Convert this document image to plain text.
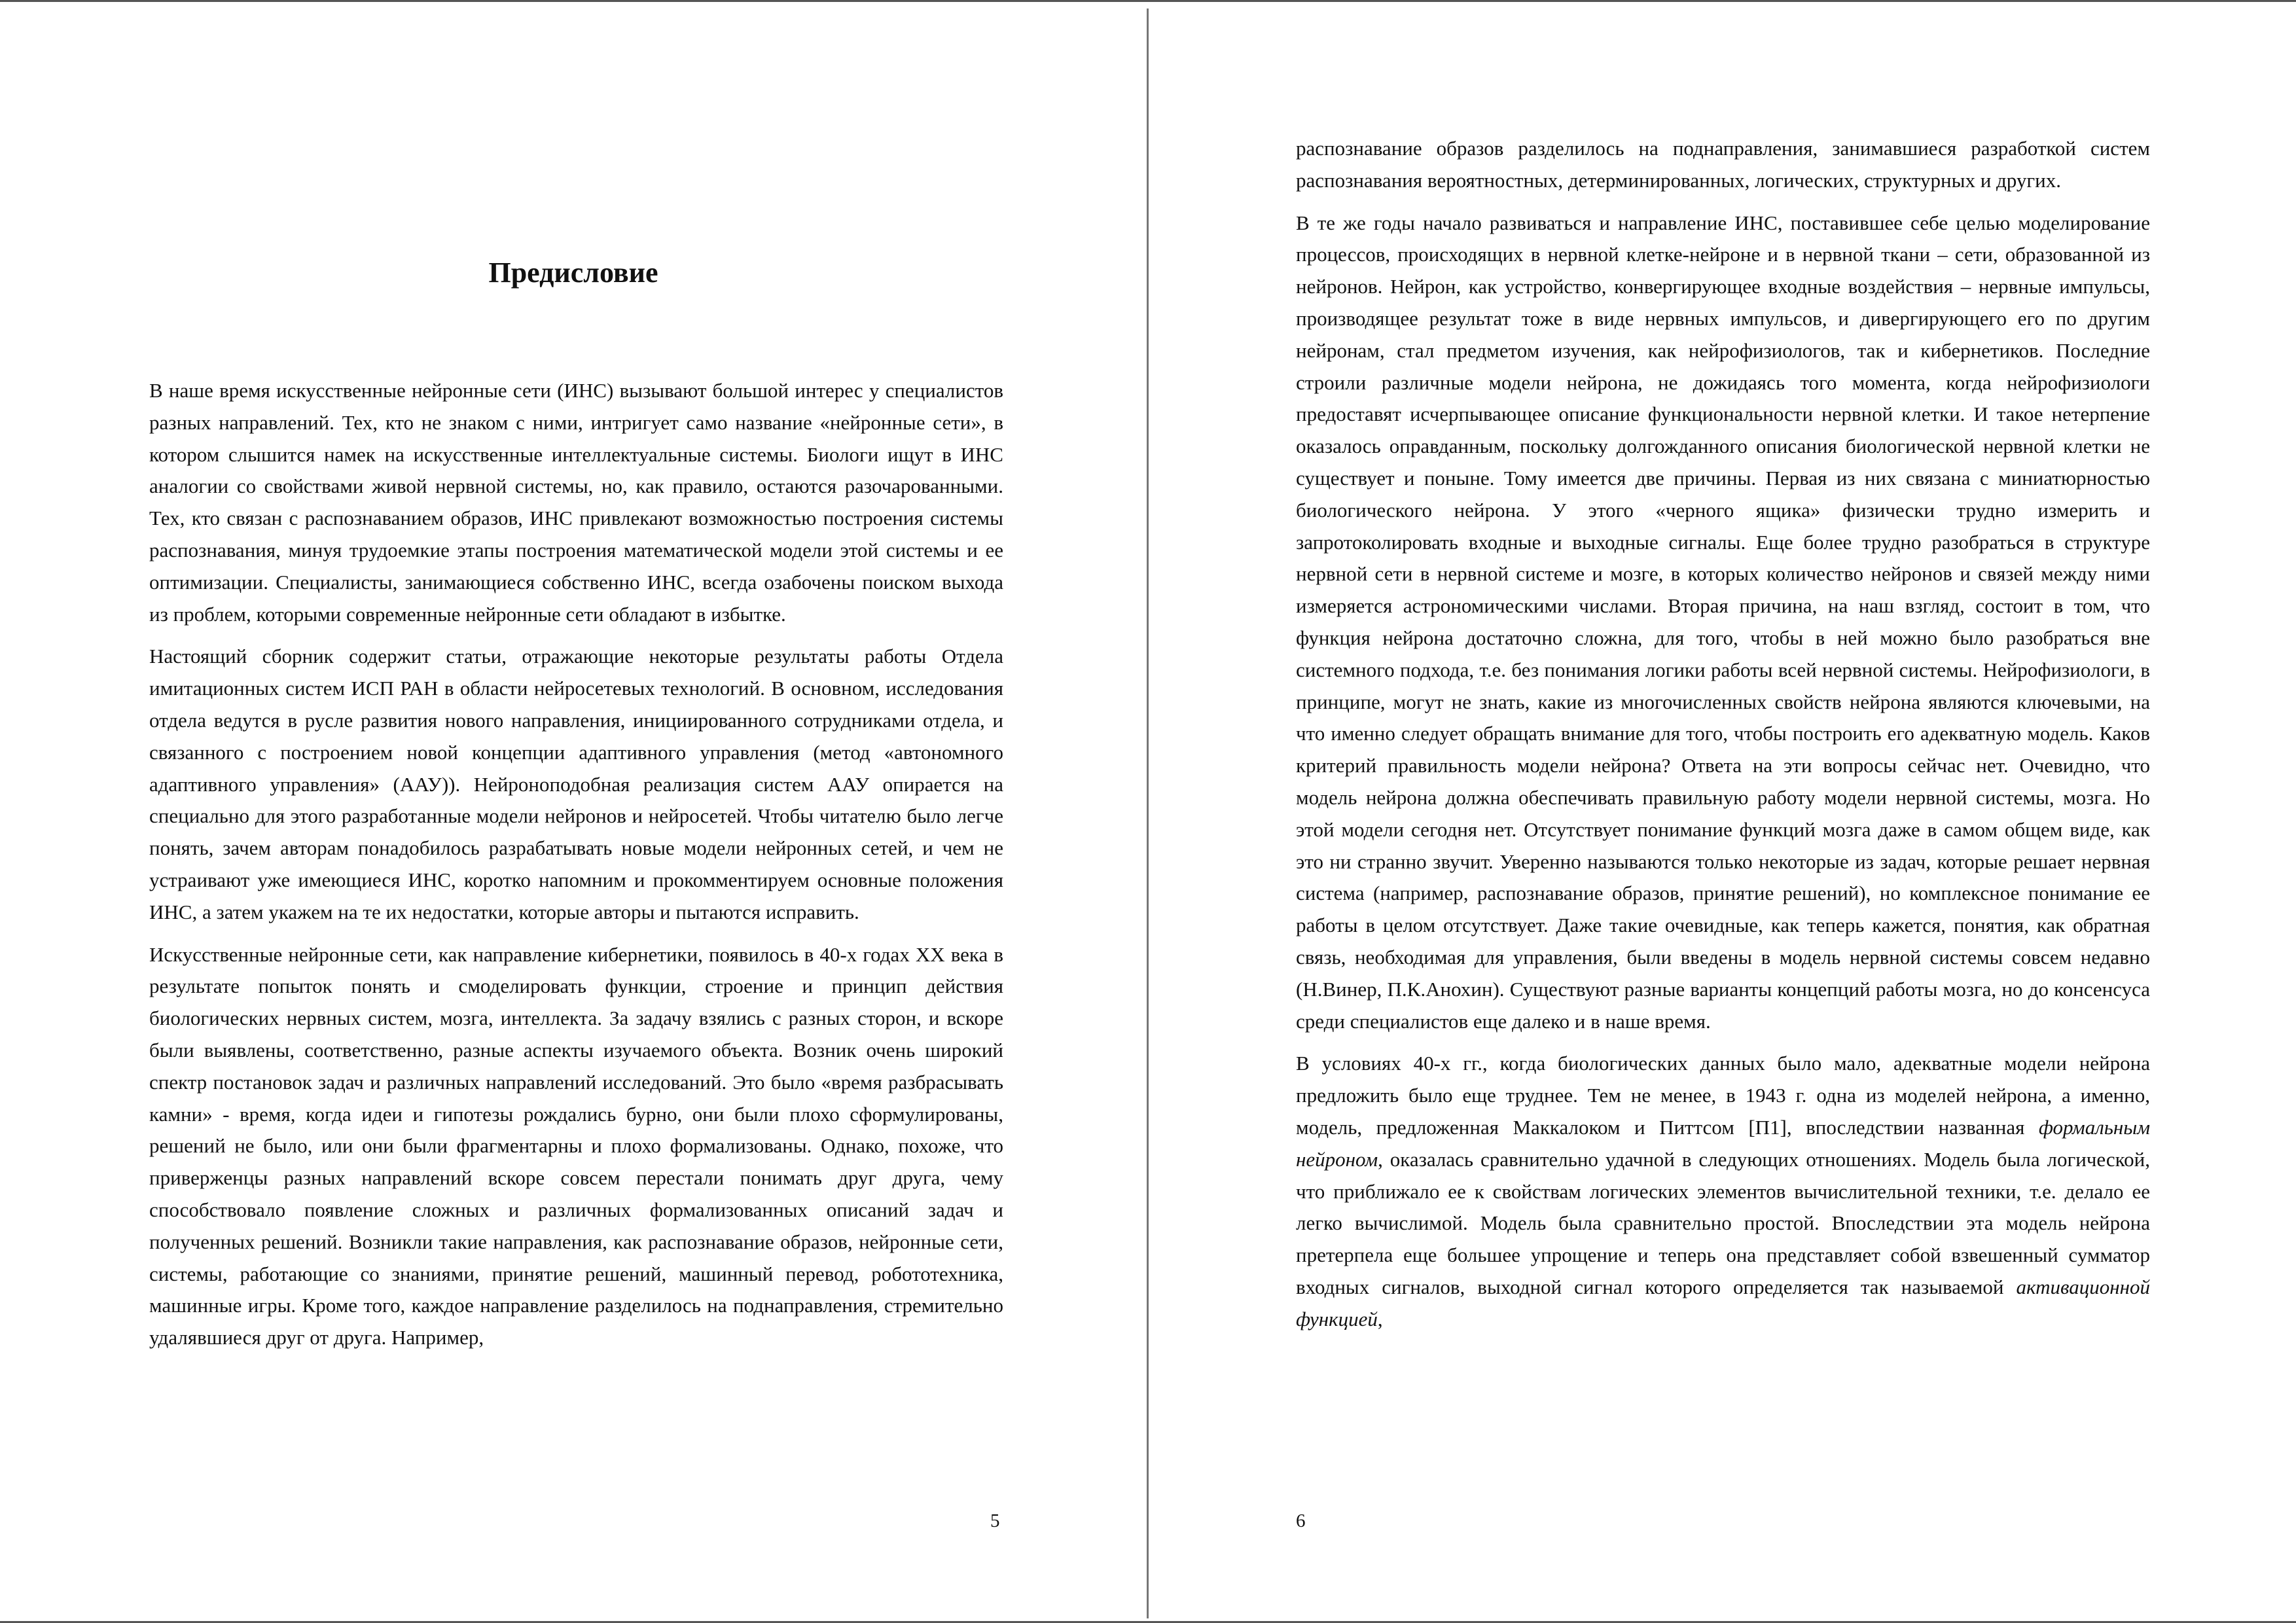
Предисловие

В наше время искусственные нейронные сети (ИНС) вызывают большой интерес у специалистов разных направлений. Тех, кто не знаком с ними, интригует само название «нейронные сети», в котором слышится намек на искусственные интеллектуальные системы. Биологи ищут в ИНС аналогии со свойствами живой нервной системы, но, как правило, остаются разочарованными. Тех, кто связан с распознаванием образов, ИНС привлекают возможностью построения системы распознавания, минуя трудоемкие этапы построения математической модели этой системы и ее оптимизации. Специалисты, занимающиеся собственно ИНС, всегда озабочены поиском выхода из проблем, которыми современные нейронные сети обладают в избытке.

Настоящий сборник содержит статьи, отражающие некоторые результаты работы Отдела имитационных систем ИСП РАН в области нейросетевых технологий. В основном, исследования отдела ведутся в русле развития нового направления, инициированного сотрудниками отдела, и связанного с построением новой концепции адаптивного управления (метод «автономного адаптивного управления» (ААУ)). Нейроноподобная реализация систем ААУ опирается на специально для этого разработанные модели нейронов и нейросетей. Чтобы читателю было легче понять, зачем авторам понадобилось разрабатывать новые модели нейронных сетей, и чем не устраивают уже имеющиеся ИНС, коротко напомним и прокомментируем основные положения ИНС, а затем укажем на те их недостатки, которые авторы и пытаются исправить.

Искусственные нейронные сети, как направление кибернетики, появилось в 40-х годах XX века в результате попыток понять и смоделировать функции, строение и принцип действия биологических нервных систем, мозга, интеллекта. За задачу взялись с разных сторон, и вскоре были выявлены, соответственно, разные аспекты изучаемого объекта. Возник очень широкий спектр постановок задач и различных направлений исследований. Это было «время разбрасывать камни» - время, когда идеи и гипотезы рождались бурно, они были плохо сформулированы, решений не было, или они были фрагментарны и плохо формализованы. Однако, похоже, что приверженцы разных направлений вскоре совсем перестали понимать друг друга, чему способствовало появление сложных и различных формализованных описаний задач и полученных решений. Возникли такие направления, как распознавание образов, нейронные сети, системы, работающие со знаниями, принятие решений, машинный перевод, робототехника, машинные игры. Кроме того, каждое направление разделилось на поднаправления, стремительно удалявшиеся друг от друга. Например,

5

распознавание образов разделилось на поднаправления, занимавшиеся разработкой систем распознавания вероятностных, детерминированных, логических, структурных и других.

В те же годы начало развиваться и направление ИНС, поставившее себе целью моделирование процессов, происходящих в нервной клетке-нейроне и в нервной ткани – сети, образованной из нейронов. Нейрон, как устройство, конвергирующее входные воздействия – нервные импульсы, производящее результат тоже в виде нервных импульсов, и дивергирующего его по другим нейронам, стал предметом изучения, как нейрофизиологов, так и кибернетиков. Последние строили различные модели нейрона, не дожидаясь того момента, когда нейрофизиологи предоставят исчерпывающее описание функциональности нервной клетки. И такое нетерпение оказалось оправданным, поскольку долгожданного описания биологической нервной клетки не существует и поныне. Тому имеется две причины. Первая из них связана с миниатюрностью биологического нейрона. У этого «черного ящика» физически трудно измерить и запротоколировать входные и выходные сигналы. Еще более трудно разобраться в структуре нервной сети в нервной системе и мозге, в которых количество нейронов и связей между ними измеряется астрономическими числами. Вторая причина, на наш взгляд, состоит в том, что функция нейрона достаточно сложна, для того, чтобы в ней можно было разобраться вне системного подхода, т.е. без понимания логики работы всей нервной системы. Нейрофизиологи, в принципе, могут не знать, какие из многочисленных свойств нейрона являются ключевыми, на что именно следует обращать внимание для того, чтобы построить его адекватную модель. Каков критерий правильность модели нейрона? Ответа на эти вопросы сейчас нет. Очевидно, что модель нейрона должна обеспечивать правильную работу модели нервной системы, мозга. Но этой модели сегодня нет. Отсутствует понимание функций мозга даже в самом общем виде, как это ни странно звучит. Уверенно называются только некоторые из задач, которые решает нервная система (например, распознавание образов, принятие решений), но комплексное понимание ее работы в целом отсутствует. Даже такие очевидные, как теперь кажется, понятия, как обратная связь, необходимая для управления, были введены в модель нервной системы совсем недавно (Н.Винер, П.К.Анохин). Существуют разные варианты концепций работы мозга, но до консенсуса среди специалистов еще далеко и в наше время.

В условиях 40-х гг., когда биологических данных было мало, адекватные модели нейрона предложить было еще труднее. Тем не менее, в 1943 г. одна из моделей нейрона, а именно, модель, предложенная Маккалоком и Питтсом [П1], впоследствии названная формальным нейроном, оказалась сравнительно удачной в следующих отношениях. Модель была логической, что приближало ее к свойствам логических элементов вычислительной техники, т.е. делало ее легко вычислимой. Модель была сравнительно простой. Впоследствии эта модель нейрона претерпела еще большее упрощение и теперь она представляет собой взвешенный сумматор входных сигналов, выходной сигнал которого определяется так называемой активационной функцией,

6
